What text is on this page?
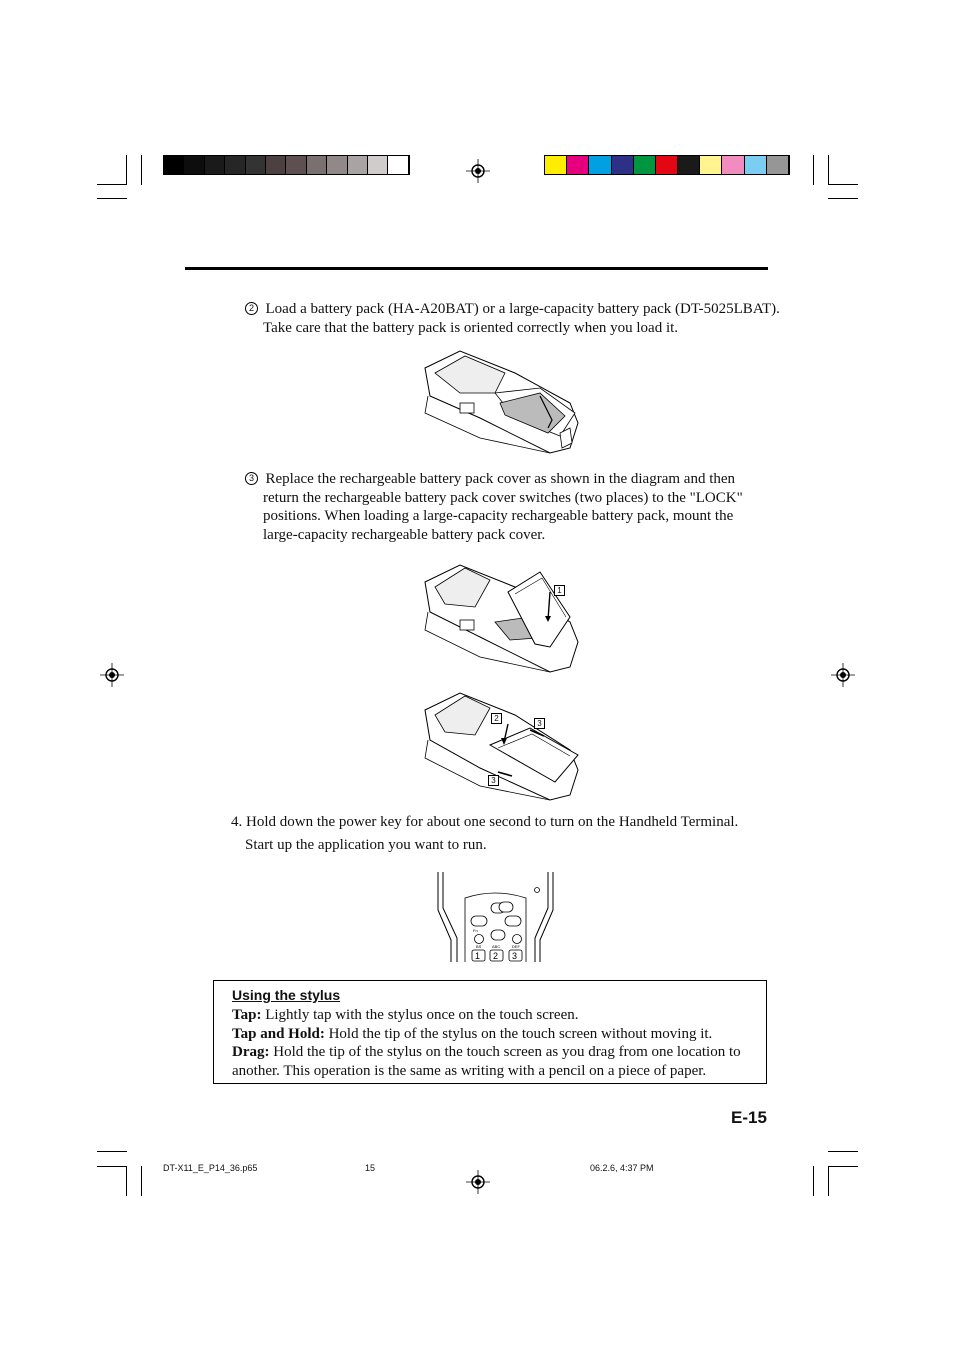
2 Load a battery pack (HA-A20BAT) or a large-capacity battery pack (DT-5025LBAT).
Take care that the battery pack is oriented correctly when you load it.
3 Replace the rechargeable battery pack cover as shown in the diagram and then
return the rechargeable battery pack cover switches (two places) to the "LOCK"
positions. When loading a large-capacity rechargeable battery pack, mount the
large-capacity rechargeable battery pack cover.
1
2
3
3
4. Hold down the power key for about one second to turn on the Handheld Terminal.
Start up the application you want to run.
Fn
BS	ABC	DEF
1 2 3
Using the stylus
Tap: Lightly tap with the stylus once on the touch screen.
Tap and Hold: Hold the tip of the stylus on the touch screen without moving it.
Drag: Hold the tip of the stylus on the touch screen as you drag from one location to
another. This operation is the same as writing with a pencil on a piece of paper.
E-15
DT-X11_E_P14_36.p65	15	06.2.6, 4:37 PM
